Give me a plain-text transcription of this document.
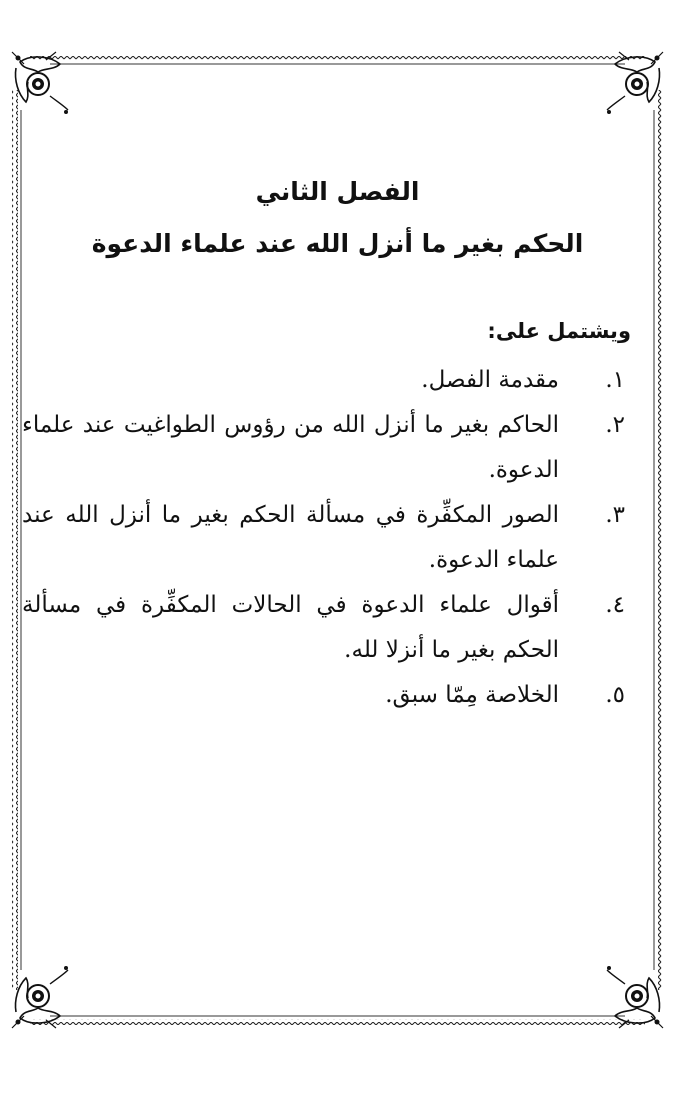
الفصل الثاني
الحكم بغير ما أنزل الله عند علماء الدعوة
ويشتمل على:
١.
مقدمة الفصل.
٢.
الحاكم بغير ما أنزل الله من رؤوس الطواغيت عند علماء الدعوة.
٣.
الصور المكفِّرة في مسألة الحكم بغير ما أنزل الله عند علماء الدعوة.
٤.
أقوال علماء الدعوة في الحالات المكفِّرة في مسألة الحكم بغير ما أنزلا لله.
٥.
الخلاصة مِمّا سبق.
